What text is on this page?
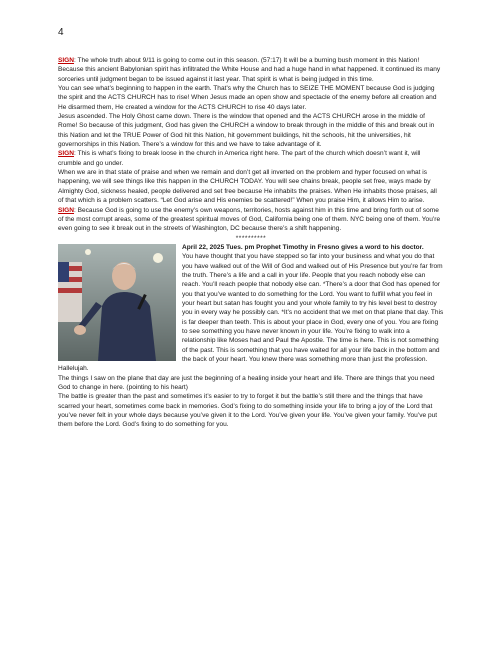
4

SIGN: The whole truth about 9/11 is going to come out in this season. (57:17) It will be a burning bush moment in this Nation! Because this ancient Babylonian spirit has infiltrated the White House and had a huge hand in what happened. It continued its many sorceries until judgment began to be issued against it last year. That spirit is what is being judged in this time.

You can see what’s beginning to happen in the earth. That’s why the Church has to SEIZE THE MOMENT because God is judging the spirit and the ACTS CHURCH has to rise! When Jesus made an open show and spectacle of the enemy before all creation and He disarmed them, He created a window for the ACTS CHURCH to rise 40 days later.

Jesus ascended. The Holy Ghost came down. There is the window that opened and the ACTS CHURCH arose in the middle of Rome! So because of this judgment, God has given the CHURCH a window to break through in the middle of this and break out in this Nation and let the TRUE Power of God hit this Nation, hit government buildings, hit the schools, hit the universities, hit governorships in this Nation. There’s a window for this and we have to take advantage of it.

SIGN: This is what’s fixing to break loose in the church in America right here. The part of the church which doesn’t want it, will crumble and go under.

When we are in that state of praise and when we remain and don’t get all inverted on the problem and hyper focused on what is happening, we will see things like this happen in the CHURCH TODAY. You will see chains break, people set free, ways made by Almighty God, sickness healed, people delivered and set free because He inhabits the praises. When He inhabits those praises, all of that which is a problem scatters. “Let God arise and His enemies be scattered!” When you praise Him, it allows Him to arise.

SIGN: Because God is going to use the enemy’s own weapons, territories, hosts against him in this time and bring forth out of some of the most corrupt areas, some of the greatest spiritual moves of God, California being one of them. NYC being one of them. You’re even going to see it break out in the streets of Washington, DC because there’s a shift happening.

**********

April 22, 2025 Tues. pm Prophet Timothy in Fresno gives a word to his doctor.

You have thought that you have stepped so far into your business and what you do that you have walked out of the Will of God and walked out of His Presence but you’re far from the truth. There’s a life and a call in your life. People that you reach nobody else can reach. You’ll reach people that nobody else can. *There’s a door that God has opened for you that you’ve wanted to do something for the Lord. You want to fulfill what you feel in your heart but satan has fought you and your whole family to try his level best to destroy you in every way he possibly can. *It’s no accident that we met on that plane that day. This is far deeper than teeth. This is about your place in God, every one of you. You are fixing to see something you have never known in your life. You’re fixing to walk into a relationship like Moses had and Paul the Apostle. The time is here. This is not something of the past. This is something that you have waited for all your life back in the bottom and the back of your heart. You knew there was something more than just the profession. Hallelujah.

The things I saw on the plane that day are just the beginning of a healing inside your heart and life. There are things that you need God to change in here. (pointing to his heart)

The battle is greater than the past and sometimes it’s easier to try to forget it but the battle’s still there and the things that have scarred your heart, sometimes come back in memories. God’s fixing to do something inside your life to bring a joy of the Lord that you’ve never felt in your whole days because you’ve given it to the Lord. You’ve given your life. You’ve given your family. You’ve put them before the Lord. God’s fixing to do something for you.
